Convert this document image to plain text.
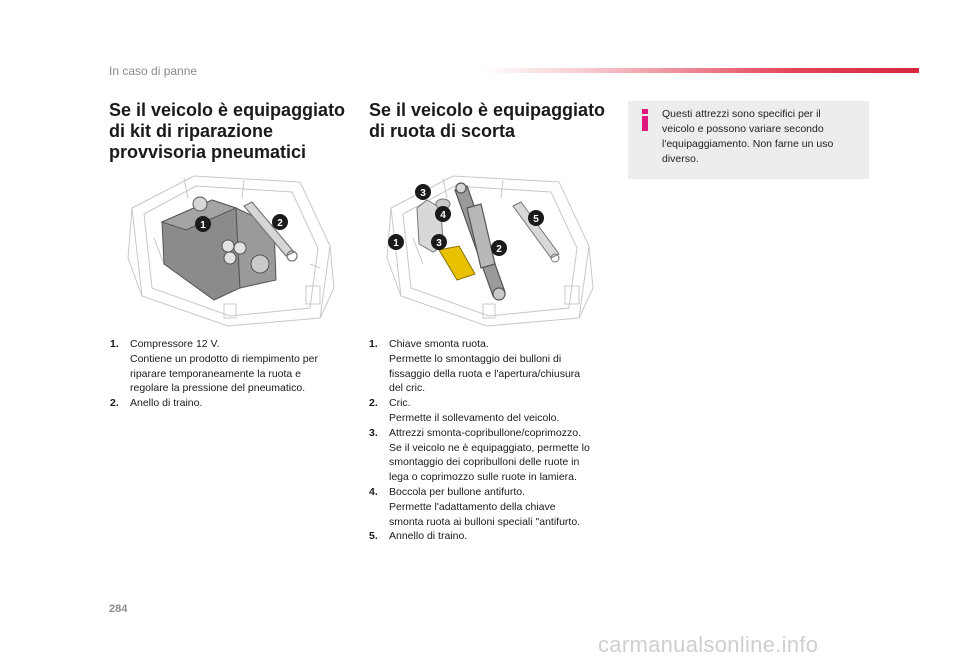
In caso di panne
Se il veicolo è equipaggiato
di kit di riparazione
provvisoria pneumatici
Se il veicolo è equipaggiato
di ruota di scorta
Questi attrezzi sono specifici per il
veicolo e possono variare secondo
l'equipaggiamento. Non farne un uso
diverso.
1	2
3
4	5
1	3
2
1. Compressore 12 V.
Contiene un prodotto di riempimento per
riparare temporaneamente la ruota e
regolare la pressione del pneumatico.
2. Anello di traino.
1. Chiave smonta ruota.
Permette lo smontaggio dei bulloni di
fissaggio della ruota e l'apertura/chiusura
del cric.
2. Cric.
Permette il sollevamento del veicolo.
3. Attrezzi smonta-copribullone/coprimozzo.
Se il veicolo ne è equipaggiato, permette lo
smontaggio dei copribulloni delle ruote in
lega o coprimozzo sulle ruote in lamiera.
4. Boccola per bullone antifurto.
Permette l'adattamento della chiave
smonta ruota ai bulloni speciali "antifurto.
5. Annello di traino.
284
carmanualsonline.info
